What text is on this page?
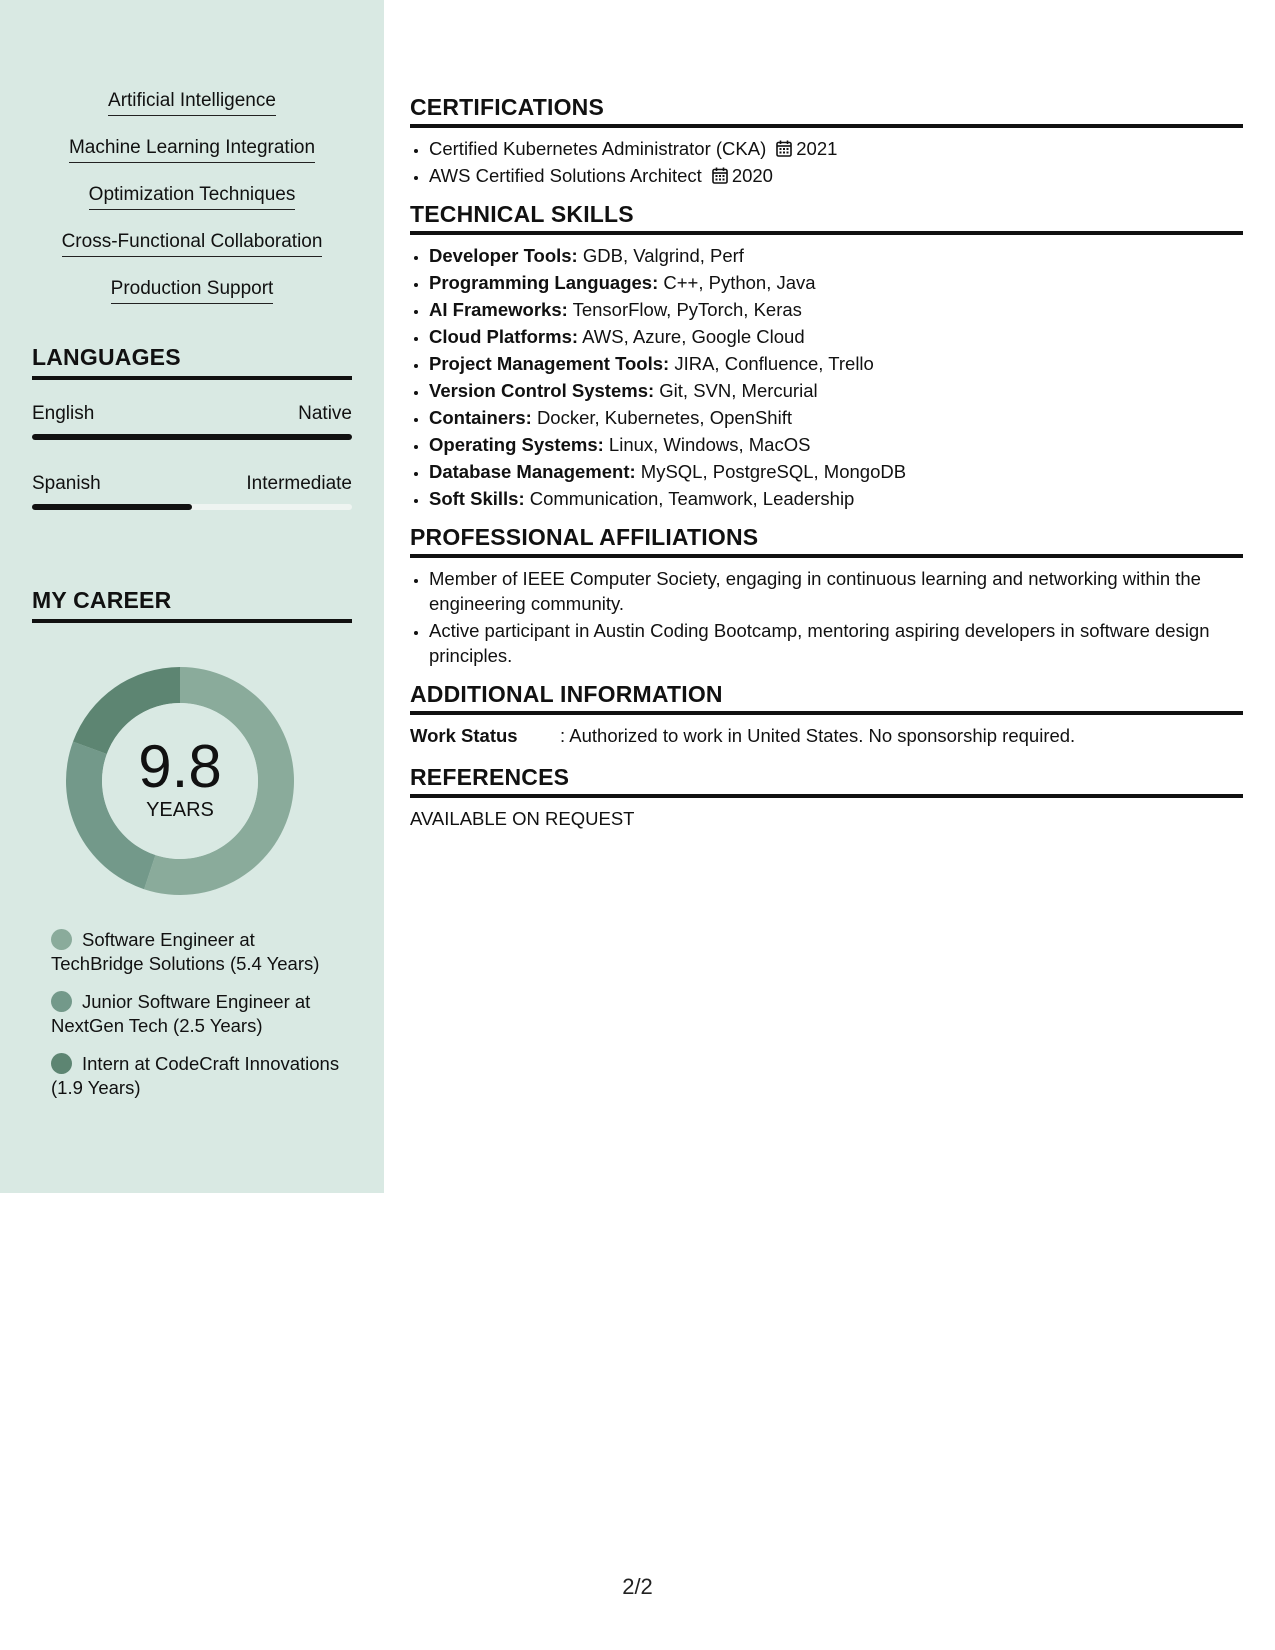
Artificial Intelligence
Machine Learning Integration
Optimization Techniques
Cross-Functional Collaboration
Production Support
LANGUAGES
English	Native
Spanish	Intermediate
MY CAREER
9.8
YEARS
Software Engineer at TechBridge Solutions (5.4 Years)
Junior Software Engineer at NextGen Tech (2.5 Years)
Intern at CodeCraft Innovations (1.9 Years)
CERTIFICATIONS
• Certified Kubernetes Administrator (CKA) 2021
• AWS Certified Solutions Architect 2020
TECHNICAL SKILLS
• Developer Tools: GDB, Valgrind, Perf
• Programming Languages: C++, Python, Java
• AI Frameworks: TensorFlow, PyTorch, Keras
• Cloud Platforms: AWS, Azure, Google Cloud
• Project Management Tools: JIRA, Confluence, Trello
• Version Control Systems: Git, SVN, Mercurial
• Containers: Docker, Kubernetes, OpenShift
• Operating Systems: Linux, Windows, MacOS
• Database Management: MySQL, PostgreSQL, MongoDB
• Soft Skills: Communication, Teamwork, Leadership
PROFESSIONAL AFFILIATIONS
• Member of IEEE Computer Society, engaging in continuous learning and networking within the engineering community.
• Active participant in Austin Coding Bootcamp, mentoring aspiring developers in software design principles.
ADDITIONAL INFORMATION
Work Status	: Authorized to work in United States. No sponsorship required.
REFERENCES

AVAILABLE ON REQUEST

2/2
